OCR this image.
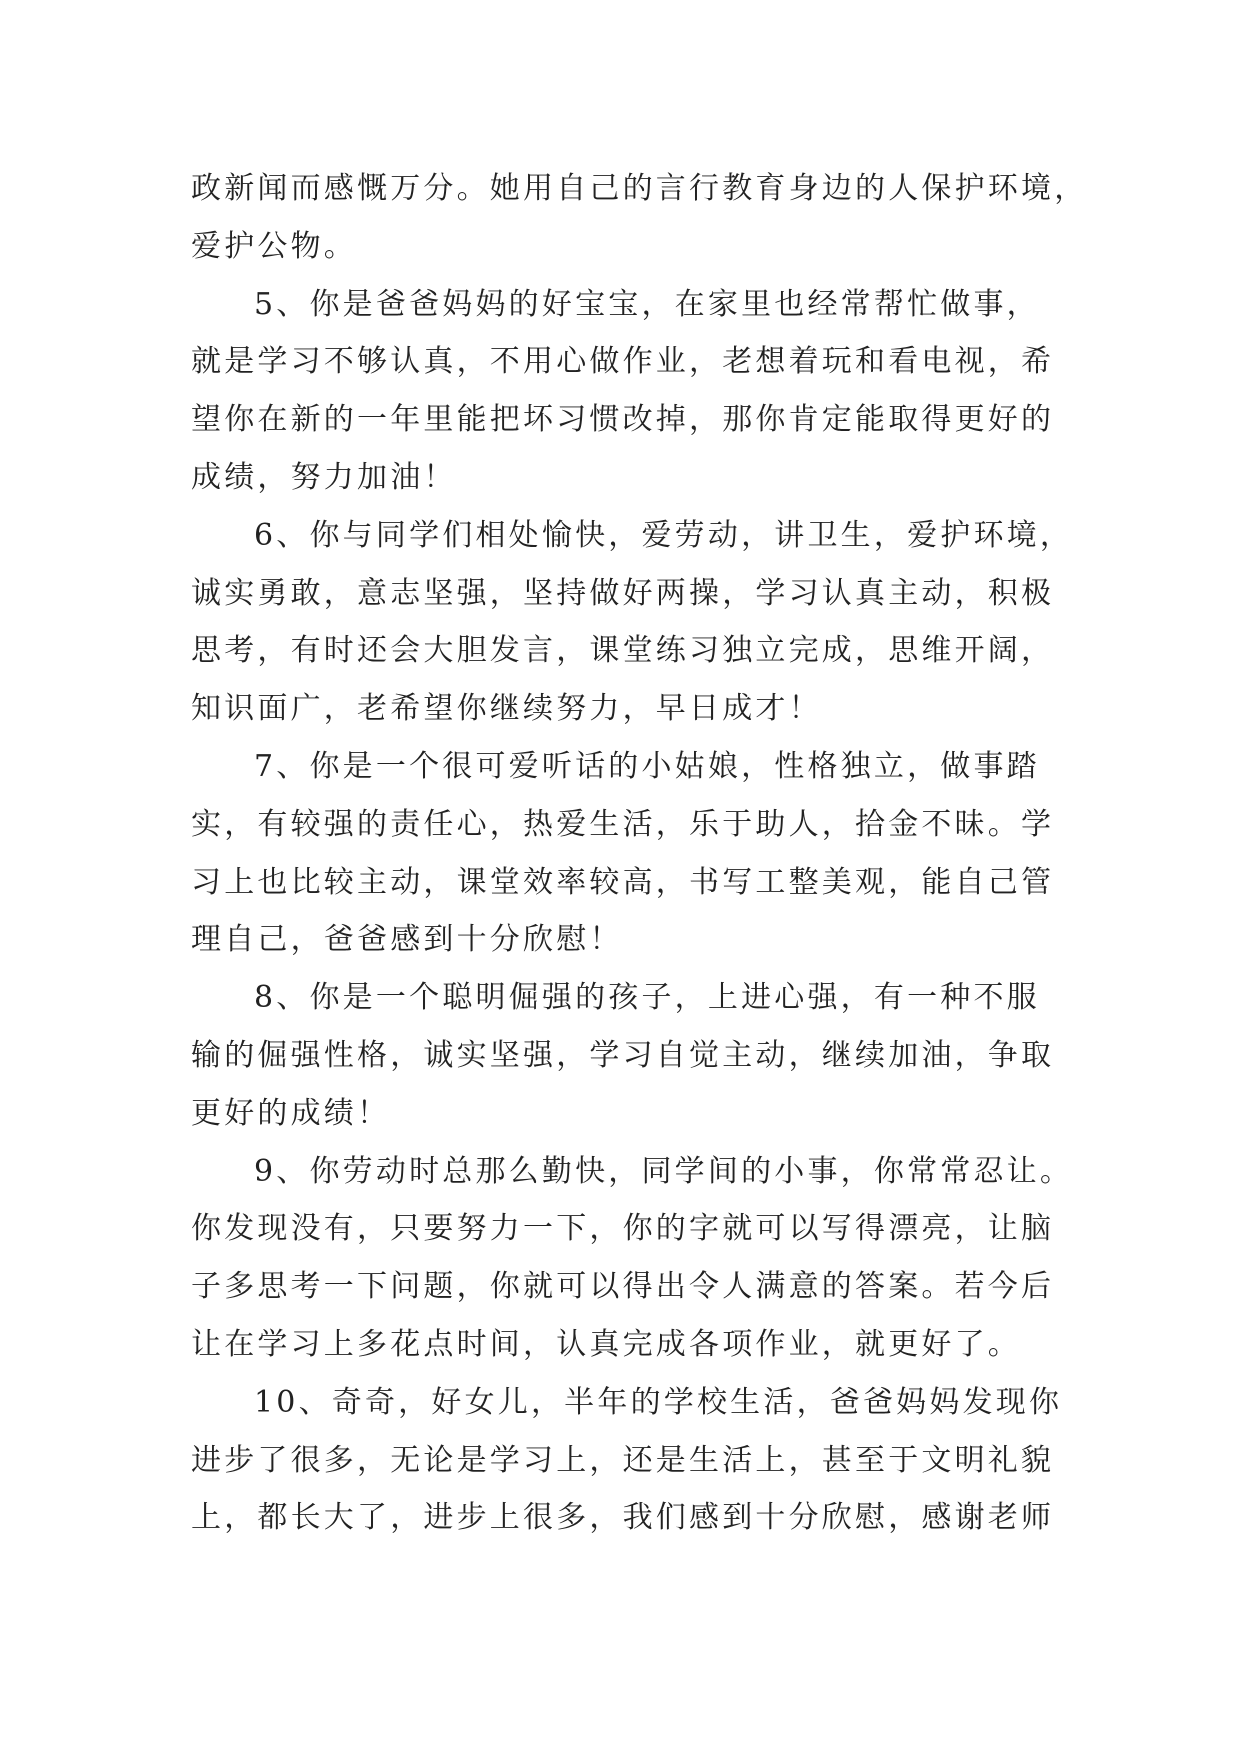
政新闻而感慨万分。她用自己的言行教育身边的人保护环境，
爱护公物。
5、你是爸爸妈妈的好宝宝，在家里也经常帮忙做事，
就是学习不够认真，不用心做作业，老想着玩和看电视，希
望你在新的一年里能把坏习惯改掉，那你肯定能取得更好的
成绩，努力加油！
6、你与同学们相处愉快，爱劳动，讲卫生，爱护环境，
诚实勇敢，意志坚强，坚持做好两操，学习认真主动，积极
思考，有时还会大胆发言，课堂练习独立完成，思维开阔，
知识面广，老希望你继续努力，早日成才！
7、你是一个很可爱听话的小姑娘，性格独立，做事踏
实，有较强的责任心，热爱生活，乐于助人，拾金不昧。学
习上也比较主动，课堂效率较高，书写工整美观，能自己管
理自己，爸爸感到十分欣慰！
8、你是一个聪明倔强的孩子，上进心强，有一种不服
输的倔强性格，诚实坚强，学习自觉主动，继续加油，争取
更好的成绩！
9、你劳动时总那么勤快，同学间的小事，你常常忍让。
你发现没有，只要努力一下，你的字就可以写得漂亮，让脑
子多思考一下问题，你就可以得出令人满意的答案。若今后
让在学习上多花点时间，认真完成各项作业，就更好了。
10、奇奇，好女儿，半年的学校生活，爸爸妈妈发现你
进步了很多，无论是学习上，还是生活上，甚至于文明礼貌
上，都长大了，进步上很多，我们感到十分欣慰，感谢老师
